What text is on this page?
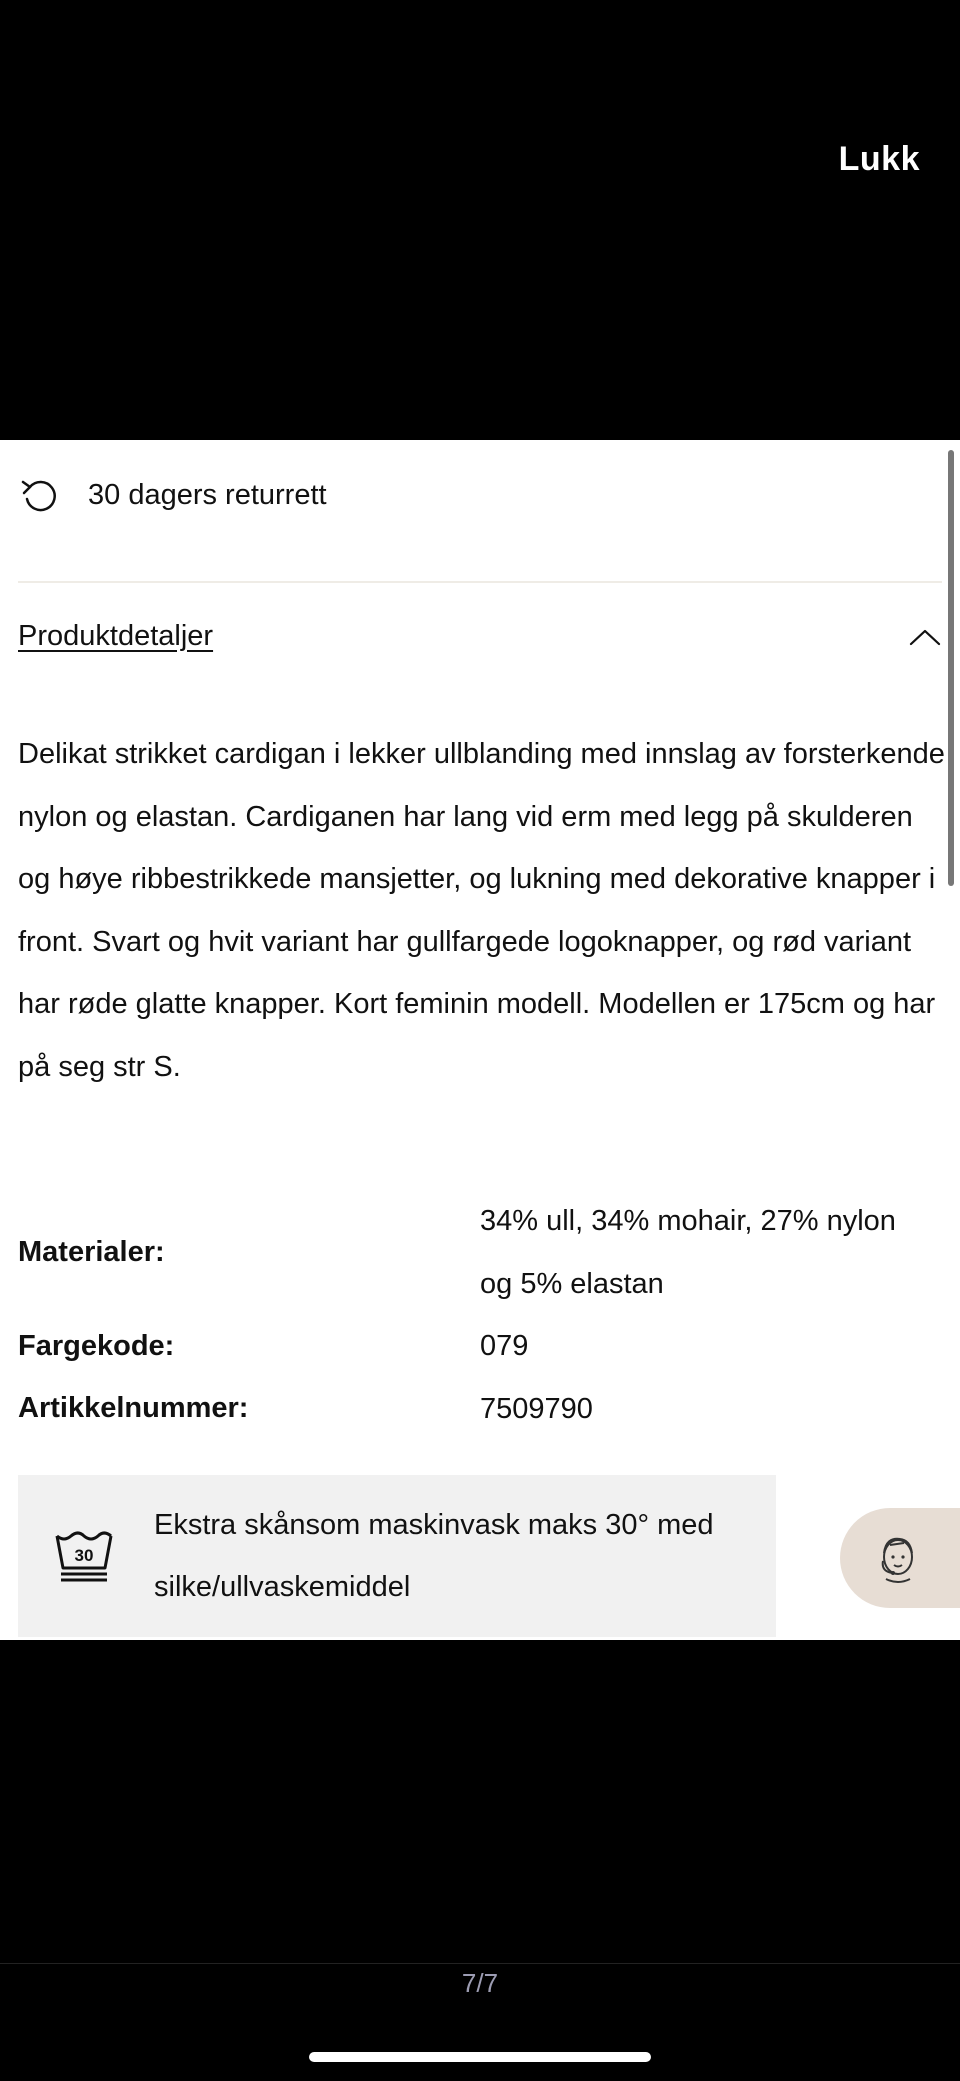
Lukk
30 dagers returrett
Produktdetaljer

Delikat strikket cardigan i lekker ullblanding med innslag av forsterkende nylon og elastan. Cardiganen har lang vid erm med legg på skulderen og høye ribbestrikkede mansjetter, og lukning med dekorative knapper i front. Svart og hvit variant har gullfargede logoknapper, og rød variant har røde glatte knapper. Kort feminin modell. Modellen er 175cm og har på seg str S.

Materialer:
34% ull, 34% mohair, 27% nylon og 5% elastan
Fargekode:	079
Artikkelnummer:	7509790
30
Ekstra skånsom maskinvask maks 30° med silke/ullvaskemiddel
7/7
